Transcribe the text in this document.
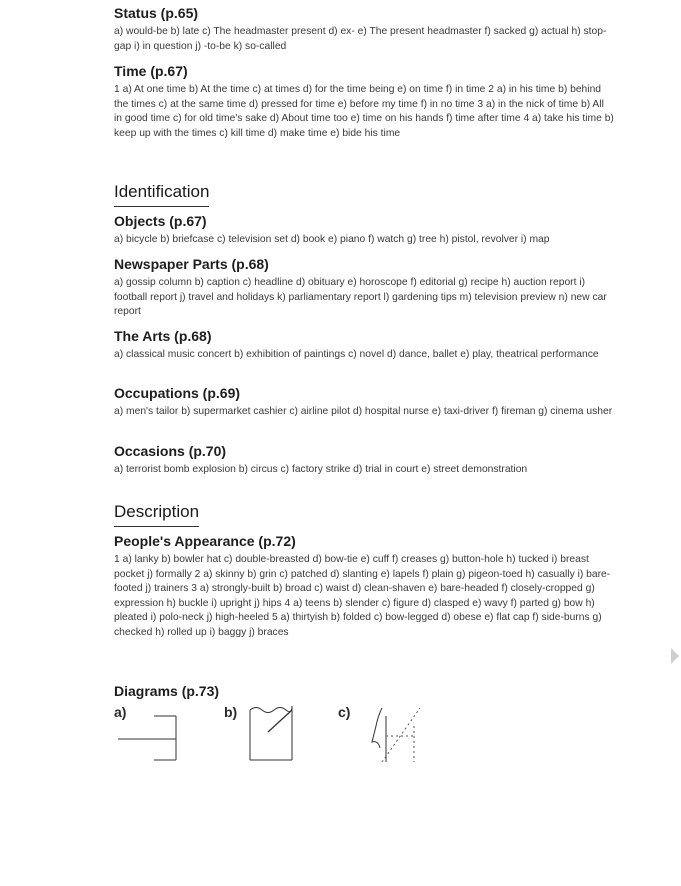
Status (p.65)

a) would-be b) late c) The headmaster present d) ex- e) The present headmaster f) sacked g) actual h) stop-gap i) in question j) -to-be k) so-called

Time (p.67)

1 a) At one time b) At the time c) at times d) for the time being e) on time f) in time 2 a) in his time b) behind the times c) at the same time d) pressed for time e) before my time f) in no time 3 a) in the nick of time b) All in good time c) for old time's sake d) About time too e) time on his hands f) time after time 4 a) take his time b) keep up with the times c) kill time d) make time e) bide his time

Identification
Objects (p.67)

a) bicycle b) briefcase c) television set d) book e) piano f) watch g) tree h) pistol, revolver i) map

Newspaper Parts (p.68)

a) gossip column b) caption c) headline d) obituary e) horoscope f) editorial g) recipe h) auction report i) football report j) travel and holidays k) parliamentary report l) gardening tips m) television preview n) new car report

The Arts (p.68)

a) classical music concert b) exhibition of paintings c) novel d) dance, ballet e) play, theatrical performance

Occupations (p.69)

a) men's tailor b) supermarket cashier c) airline pilot d) hospital nurse e) taxi-driver f) fireman g) cinema usher

Occasions (p.70)

a) terrorist bomb explosion b) circus c) factory strike d) trial in court e) street demonstration

Description
People's Appearance (p.72)

1 a) lanky b) bowler hat c) double-breasted d) bow-tie e) cuff f) creases g) button-hole h) tucked i) breast pocket j) formally 2 a) skinny b) grin c) patched d) slanting e) lapels f) plain g) pigeon-toed h) casually i) bare-footed j) trainers 3 a) strongly-built b) broad c) waist d) clean-shaven e) bare-headed f) closely-cropped g) expression h) buckle i) upright j) hips 4 a) teens b) slender c) figure d) clasped e) wavy f) parted g) bow h) pleated i) polo-neck j) high-heeled 5 a) thirtyish b) folded c) bow-legged d) obese e) flat cap f) side-burns g) checked h) rolled up i) baggy j) braces

Diagrams (p.73)
a)	b)	c)
